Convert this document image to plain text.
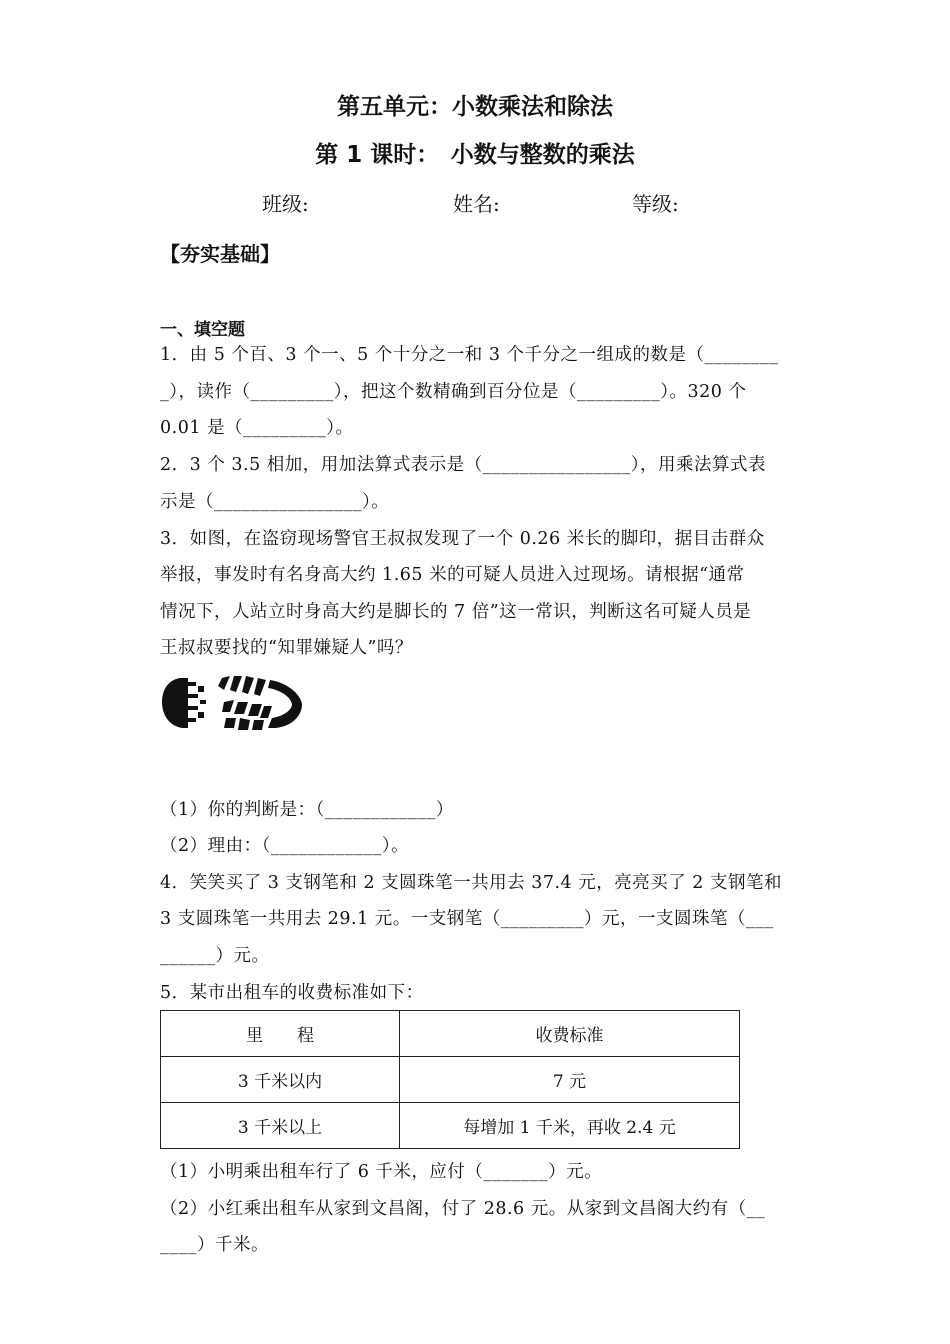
第五单元：小数乘法和除法
第 1 课时：　小数与整数的乘法
班级:	姓名:	等级:
【夯实基础】
一、填空题
1．由 5 个百、3 个一、5 个十分之一和 3 个千分之一组成的数是（________
_），读作（_________），把这个数精确到百分位是（_________）。320 个
0.01 是（_________）。
2．3 个 3.5 相加，用加法算式表示是（________________），用乘法算式表
示是（________________）。
3．如图，在盗窃现场警官王叔叔发现了一个 0.26 米长的脚印，据目击群众
举报，事发时有名身高大约 1.65 米的可疑人员进入过现场。请根据“通常
情况下，人站立时身高大约是脚长的 7 倍”这一常识，判断这名可疑人员是
王叔叔要找的“知罪嫌疑人”吗？
（1）你的判断是：（____________）
（2）理由：（____________）。
4．笑笑买了 3 支钢笔和 2 支圆珠笔一共用去 37.4 元，亮亮买了 2 支钢笔和
3 支圆珠笔一共用去 29.1 元。一支钢笔（_________）元，一支圆珠笔（___
______）元。
5．某市出租车的收费标准如下：
里　　程	收费标准
3 千米以内	7 元
3 千米以上	每增加 1 千米，再收 2.4 元
（1）小明乘出租车行了 6 千米，应付（_______）元。
（2）小红乘出租车从家到文昌阁，付了 28.6 元。从家到文昌阁大约有（__
____）千米。
